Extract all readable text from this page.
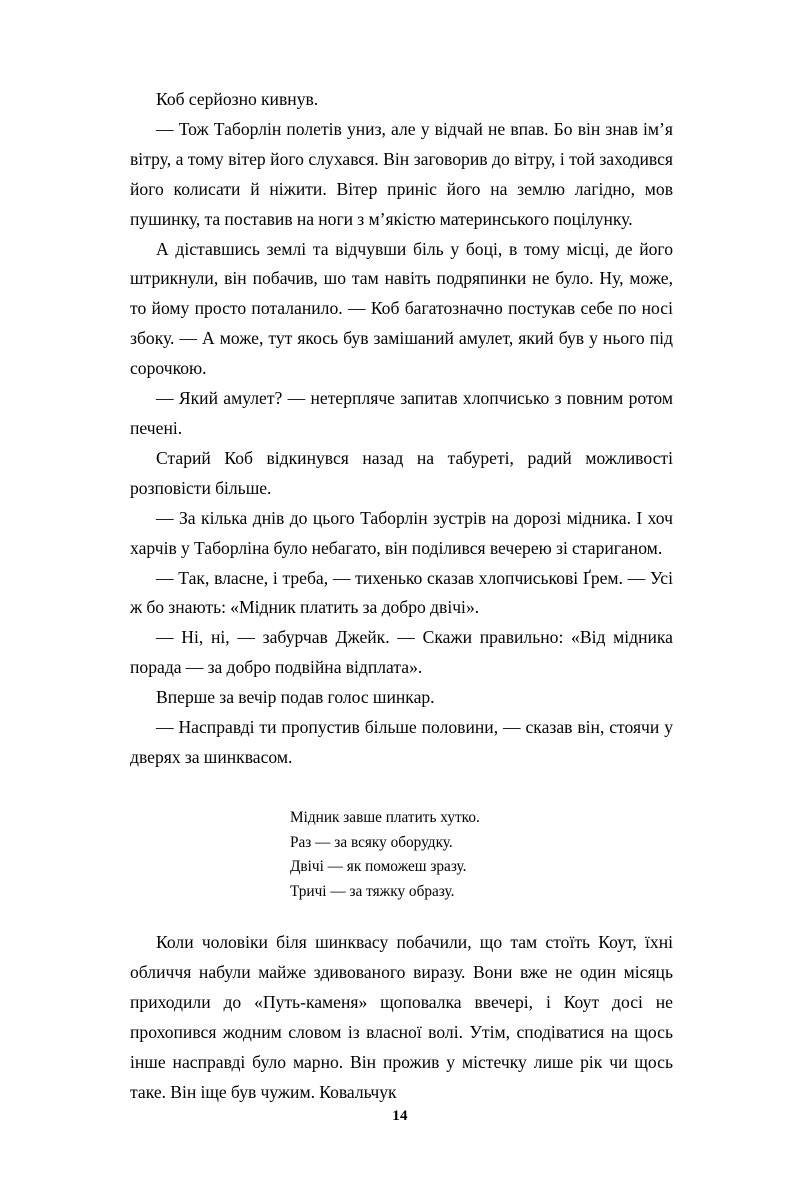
Коб серйозно кивнув.

— Тож Таборлін полетів униз, але у відчай не впав. Бо він знав ім’я вітру, а тому вітер його слухався. Він заговорив до вітру, і той заходився його колисати й ніжити. Вітер приніс його на землю лагідно, мов пушинку, та поставив на ноги з м’якістю материнського поцілунку.

А діставшись землі та відчувши біль у боці, в тому місці, де його штрикнули, він побачив, шо там навіть подряпинки не було. Ну, може, то йому просто поталанило. — Коб багатозначно постукав себе по носі збоку. — А може, тут якось був замішаний амулет, який був у нього під сорочкою.

— Який амулет? — нетерпляче запитав хлопчисько з повним ротом печені.

Старий Коб відкинувся назад на табуреті, радий можливості розповісти більше.

— За кілька днів до цього Таборлін зустрів на дорозі мідника. І хоч харчів у Таборліна було небагато, він поділився вечерею зі стариганом.

— Так, власне, і треба, — тихенько сказав хлопчиськові Ґрем. — Усі ж бо знають: «Мідник платить за добро двічі».

— Ні, ні, — забурчав Джейк. — Скажи правильно: «Від мідника порада — за добро подвійна відплата».

Вперше за вечір подав голос шинкар.

— Насправді ти пропустив більше половини, — сказав він, стоячи у дверях за шинквасом.

Мідник завше платить хутко.

Раз — за всяку оборудку.

Двічі — як поможеш зразу.

Тричі — за тяжку образу.

Коли чоловіки біля шинквасу побачили, що там стоїть Коут, їхні обличчя набули майже здивованого виразу. Вони вже не один місяць приходили до «Путь-каменя» щоповалка ввечері, і Коут досі не прохопився жодним словом із власної волі. Утім, сподіватися на щось інше насправді було марно. Він прожив у містечку лише рік чи щось таке. Він іще був чужим. Ковальчук

14
